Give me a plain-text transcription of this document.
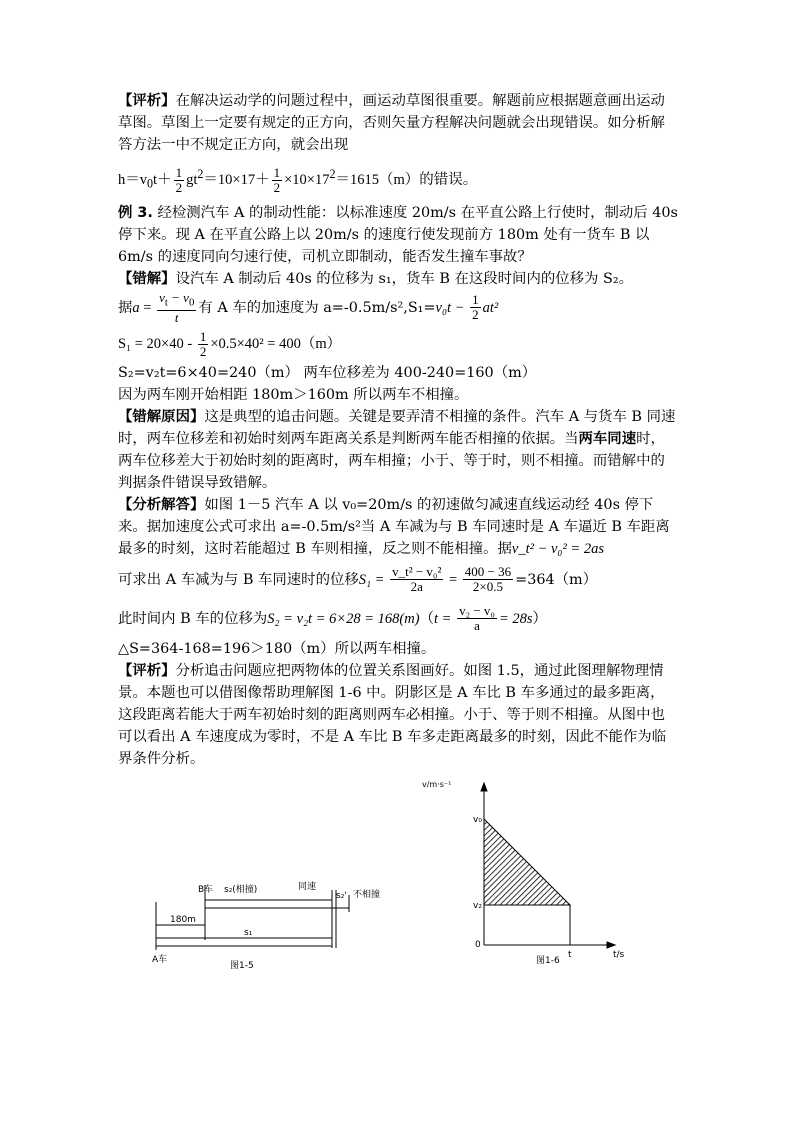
【评析】在解决运动学的问题过程中，画运动草图很重要。解题前应根据题意画出运动草图。草图上一定要有规定的正方向，否则矢量方程解决问题就会出现错误。如分析解答方法一中不规定正方向，就会出现

$h=v_0t+ \frac{1}{2} gt^2=10\times 17+ \frac{1}{2} \times 10\times 17^2=1615(m)$的错误。

例 3. 经检测汽车 A 的制动性能：以标准速度 20m/s 在平直公路上行使时，制动后 40s 停下来。现 A 在平直公路上以 20m/s 的速度行使发现前方 180m 处有一货车 B 以 6m/s 的速度同向匀速行使，司机立即制动，能否发生撞车事故？

【错解】设汽车 A 制动后 40s 的位移为 s₁，货车 B 在这段时间内的位移为 S₂。

据$a = \frac{v_t - v_0}{t}$ 有 A 车的加速度为 $a=-0.5m/s^2,S_1=v_0t - \frac{1}{2} at^2$

$S_1 = 20\times 40 - \frac{1}{2} \times 0.5\times 40^2 = 400(m)$

S₂=v₂t=6×40=240（m） 两车位移差为 400-240=160（m）

因为两车刚开始相距 180m＞160m 所以两车不相撞。

【错解原因】这是典型的追击问题。关键是要弄清不相撞的条件。汽车 A 与货车 B 同速时，两车位移差和初始时刻两车距离关系是判断两车能否相撞的依据。当两车同速时，两车位移差大于初始时刻的距离时，两车相撞；小于、等于时，则不相撞。而错解中的判据条件错误导致错解。

【分析解答】如图 1－5 汽车 A 以 v₀=20m/s 的初速做匀减速直线运动经 40s 停下来。据加速度公式可求出 a=-0.5m/s²当 A 车减为与 B 车同速时是 A 车逼近 B 车距离最多的时刻，这时若能超过 B 车则相撞，反之则不能相撞。据v_t² − v₀² = 2as

可求出 A 车减为与 B 车同速时的位移$S_1 = \frac{\text{v\_t² − v₀²}}{2a} = \frac{400 - 36}{2\times 0.5} =364(m)$

此时间内 B 车的位移为$S_2 = v_2t = 6\times 28 = 168(m)(t = \frac{\text{v₂ − v₀}}{a} = 28s)$

△S=364-168=196＞180（m）所以两车相撞。

【评析】分析追击问题应把两物体的位置关系图画好。如图 1.5，通过此图理解物理情景。本题也可以借图像帮助理解图 1-6 中。阴影区是 A 车比 B 车多通过的最多距离，这段距离若能大于两车初始时刻的距离则两车必相撞。小于、等于则不相撞。从图中也可以看出 A 车速度成为零时，不是 A 车比 B 车多走距离最多的时刻，因此不能作为临界条件分析。

B车 s₂(相撞)	同速
s₂' 不相撞
180m
s₁
A车
图1-5
v/m·s⁻¹
v₀
v₂
0
t	t/s
图1-6
